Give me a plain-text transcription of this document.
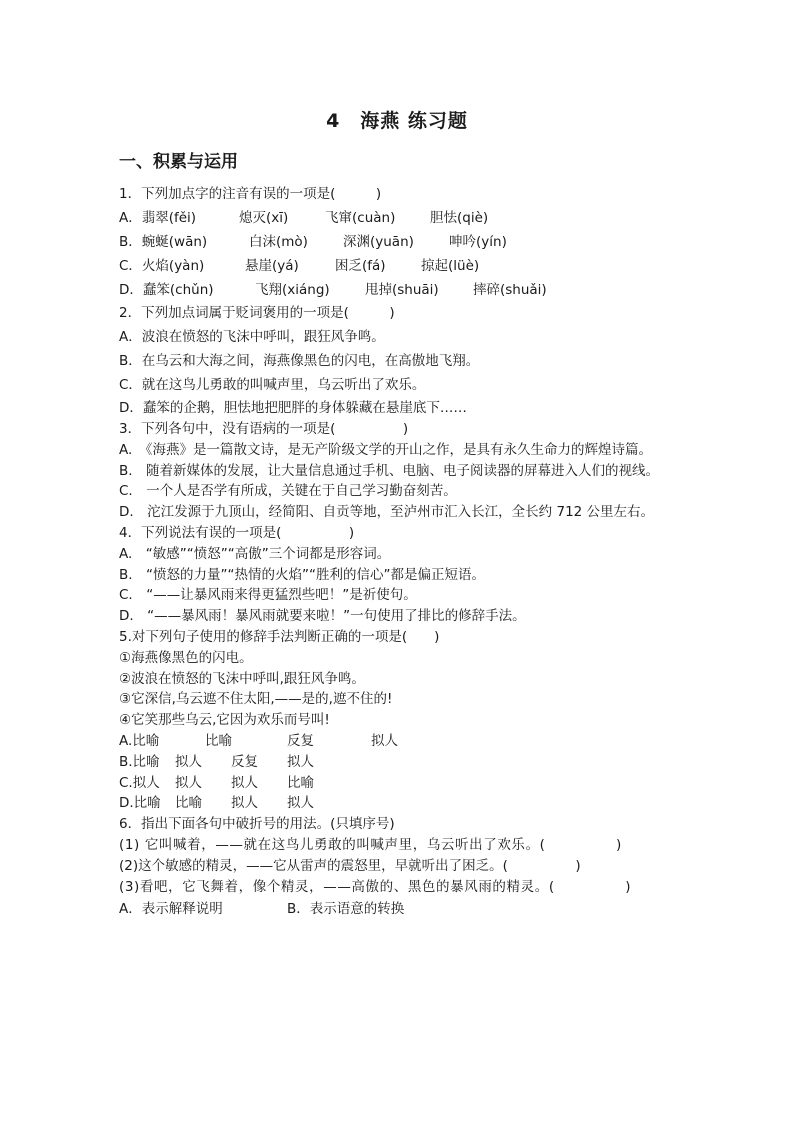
4　海燕 练习题
一、积累与运用
1．下列加点字的注音有误的一项是(　　　)
A．翡翠(fěi)	熄灭(xī)	飞窜(cuàn)	胆怯(qiè)
B．蜿蜒(wān)	白沫(mò)	深渊(yuān)	呻吟(yín)
C．火焰(yàn)	悬崖(yá)	困乏(fá)	掠起(lüè)
D．蠢笨(chǔn)	飞翔(xiáng)	甩掉(shuāi)	摔碎(shuǎi)
2．下列加点词属于贬词褒用的一项是(　　　)
A．波浪在愤怒的飞沫中呼叫，跟狂风争鸣。
B．在乌云和大海之间，海燕像黑色的闪电，在高傲地飞翔。
C．就在这鸟儿勇敢的叫喊声里，乌云听出了欢乐。
D．蠢笨的企鹅，胆怯地把肥胖的身体躲藏在悬崖底下……
3．下列各句中，没有语病的一项是(　　　　　)
A.　《海燕》是一篇散文诗，是无产阶级文学的开山之作，是具有永久生命力的辉煌诗篇。
B.　随着新媒体的发展，让大量信息通过手机、电脑、电子阅读器的屏幕进入人们的视线。
C.　一个人是否学有所成，关键在于自己学习勤奋刻苦。
D.　沱江发源于九顶山，经简阳、自贡等地，至泸州市汇入长江，全长约 712 公里左右。
4．下列说法有误的一项是(　　　　　)
A.　“敏感”“愤怒”“高傲”三个词都是形容词。
B.　“愤怒的力量”“热情的火焰”“胜利的信心”都是偏正短语。
C.　“——让暴风雨来得更猛烈些吧！”是祈使句。
D.　“——暴风雨！暴风雨就要来啦！”一句使用了排比的修辞手法。
5.对下列句子使用的修辞手法判断正确的一项是(　　)
①海燕像黑色的闪电。
②波浪在愤怒的飞沫中呼叫,跟狂风争鸣。
③它深信,乌云遮不住太阳,——是的,遮不住的!
④它笑那些乌云,它因为欢乐而号叫!
A.比喻	比喻	反复	拟人
B.比喻	拟人	反复	拟人
C.拟人	拟人	拟人	比喻
D.比喻	比喻	拟人	拟人
6．指出下面各句中破折号的用法。(只填序号)
(1) 它叫喊着，——就在这鸟儿勇敢的叫喊声里，乌云听出了欢乐。(　　　　　)
(2)这个敏感的精灵，——它从雷声的震怒里，早就听出了困乏。(　　　　　)
(3)看吧，它飞舞着，像个精灵，——高傲的、黑色的暴风雨的精灵。(　　　　　)
A．表示解释说明	B．表示语意的转换
